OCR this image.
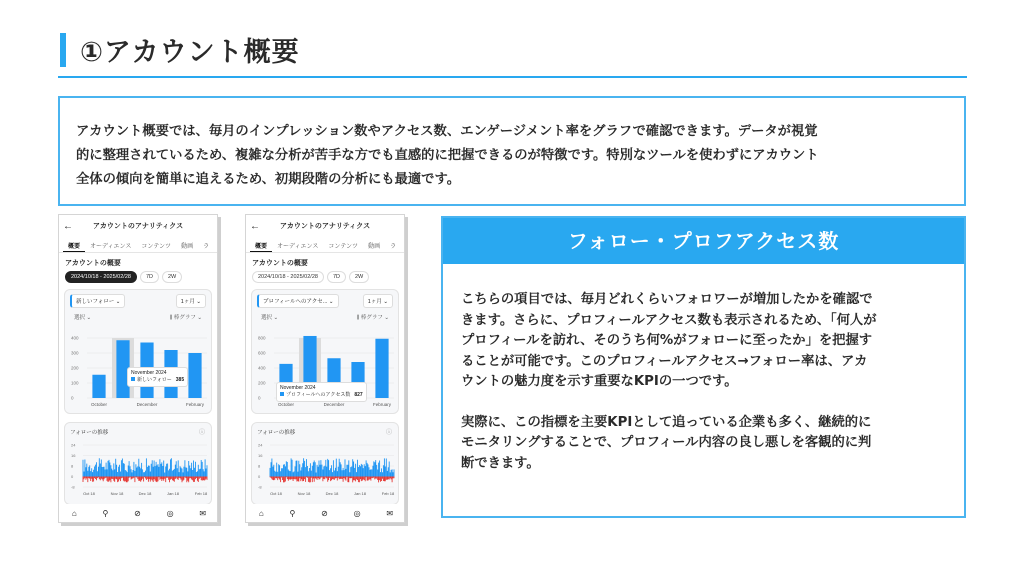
①アカウント概要

アカウント概要では、毎月のインプレッション数やアクセス数、エンゲージメント率をグラフで確認できます。データが視覚

的に整理されているため、複雑な分析が苦手な方でも直感的に把握できるのが特徴です。特別なツールを使わずにアカウント

全体の傾向を簡単に追えるため、初期段階の分析にも最適です。

←	アカウントのアナリティクス
概要	オーディエンス	コンテンツ	動画	ラ
アカウントの概要
2024/10/18 - 2025/02/28	7D	2W
新しいフォロー ⌄	1ヶ月 ⌄
選択 ⌄	⫼ 棒グラフ ⌄
0
100
200
300
400
October	December	February
November 2024
新しいフォロー 385
フォローの推移	ⓘ
-8
0
8
16
24
Oct 18	Nov 18	Dec 18	Jan 18	Feb 18
⌂	⚲	⊘	◎	✉
←	アカウントのアナリティクス
概要	オーディエンス	コンテンツ	動画	ラ
アカウントの概要
2024/10/18 - 2025/02/28	7D	2W
プロフィールへのアクセ... ⌄	1ヶ月 ⌄
選択 ⌄	⫼ 棒グラフ ⌄
0
200
400
600
800
October	December	February
November 2024
プロフィールへのアクセス数 827
フォローの推移	ⓘ
-8
0
8
16
24
Oct 18	Nov 18	Dec 18	Jan 18	Feb 18
⌂	⚲	⊘	◎	✉
フォロー・プロフアクセス数

こちらの項目では、毎月どれくらいフォロワーが増加したかを確認で
きます。さらに、プロフィールアクセス数も表示されるため、「何人が
プロフィールを訪れ、そのうち何%がフォローに至ったか」を把握す
ることが可能です。このプロフィールアクセス→フォロー率は、アカ
ウントの魅力度を示す重要なKPIの一つです。

実際に、この指標を主要KPIとして追っている企業も多く、継続的に
モニタリングすることで、プロフィール内容の良し悪しを客観的に判
断できます。
